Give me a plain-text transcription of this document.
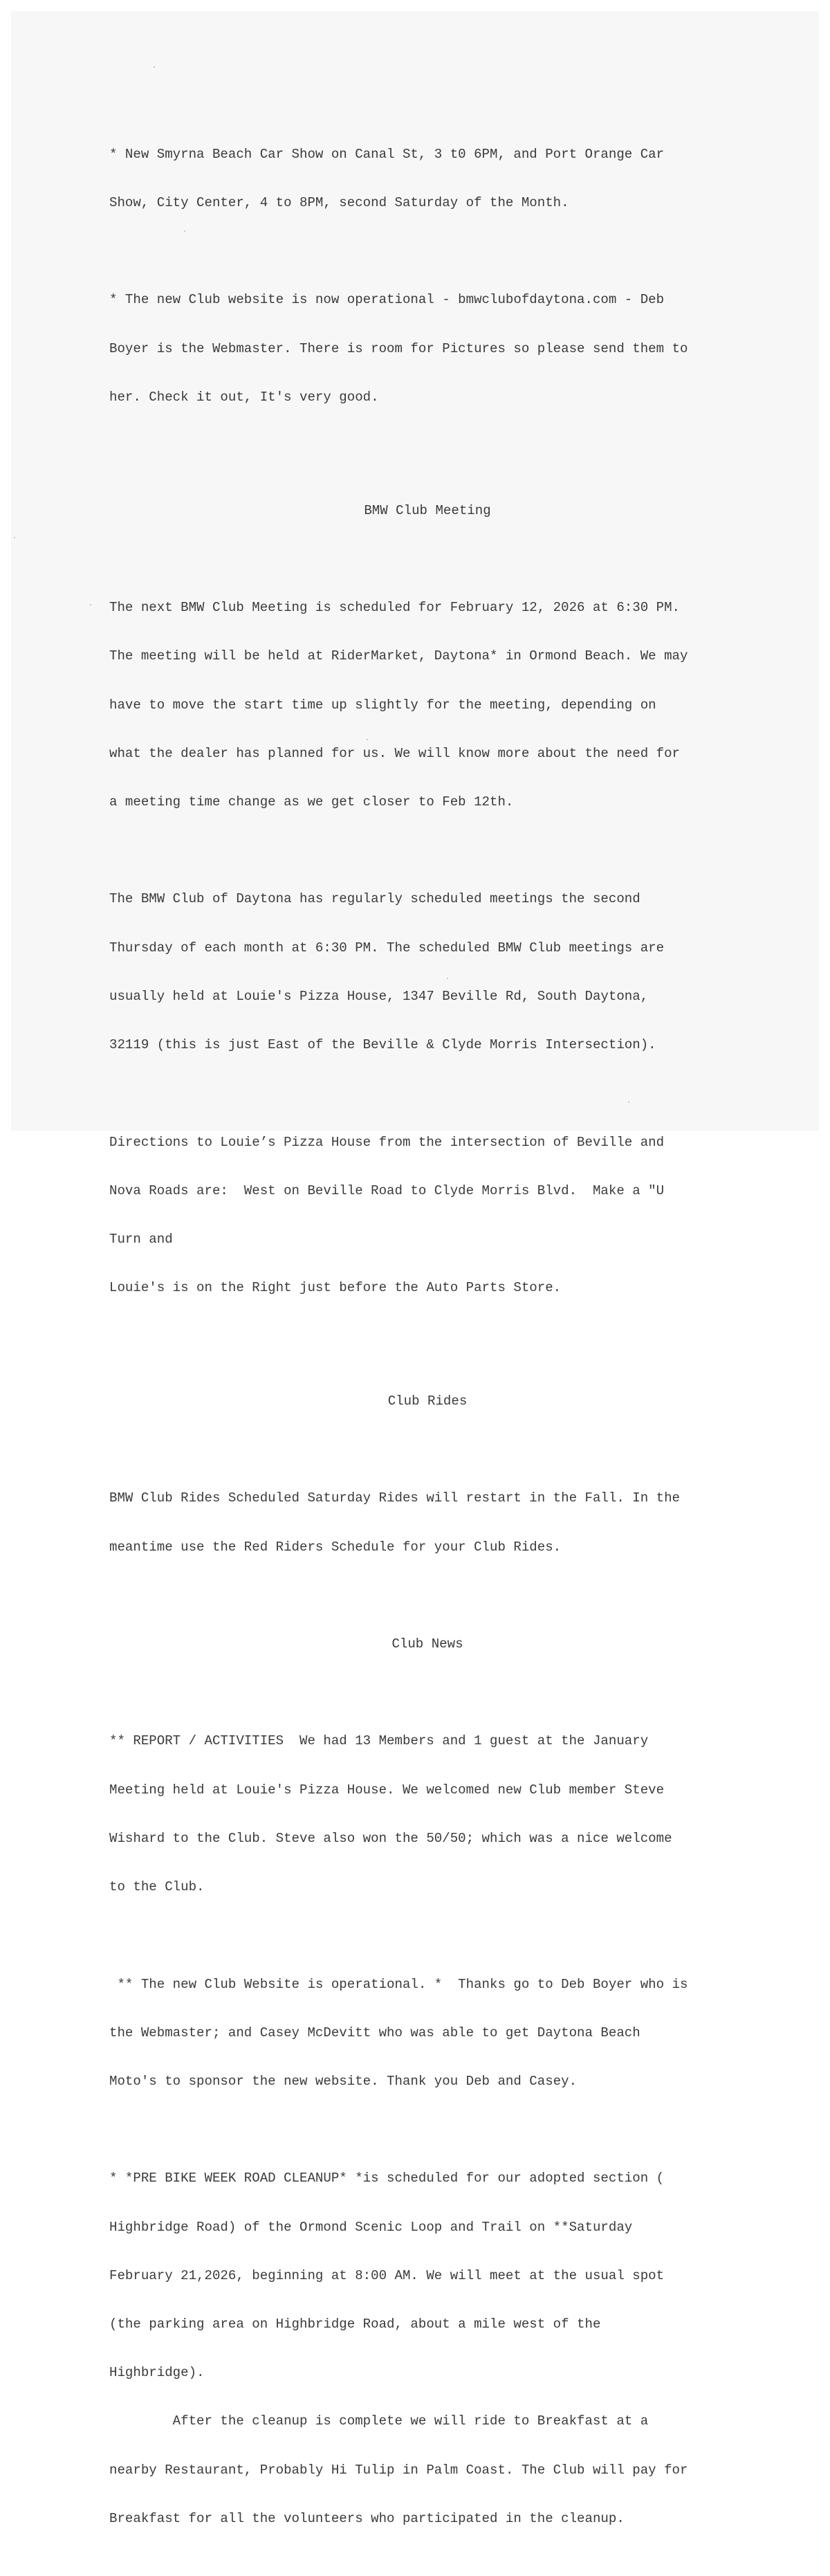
* New Smyrna Beach Car Show on Canal St, 3 t0 6PM, and Port Orange Car

Show, City Center, 4 to 8PM, second Saturday of the Month.

* The new Club website is now operational - bmwclubofdaytona.com - Deb

Boyer is the Webmaster. There is room for Pictures so please send them to

her. Check it out, It's very good.

BMW Club Meeting

The next BMW Club Meeting is scheduled for February 12, 2026 at 6:30 PM.

The meeting will be held at RiderMarket, Daytona* in Ormond Beach. We may

have to move the start time up slightly for the meeting, depending on

what the dealer has planned for us. We will know more about the need for

a meeting time change as we get closer to Feb 12th.

The BMW Club of Daytona has regularly scheduled meetings the second

Thursday of each month at 6:30 PM. The scheduled BMW Club meetings are

usually held at Louie's Pizza House, 1347 Beville Rd, South Daytona,

32119 (this is just East of the Beville & Clyde Morris Intersection).

Directions to Louie’s Pizza House from the intersection of Beville and

Nova Roads are:  West on Beville Road to Clyde Morris Blvd.  Make a "U

Turn and

Louie's is on the Right just before the Auto Parts Store.

Club Rides

BMW Club Rides Scheduled Saturday Rides will restart in the Fall. In the

meantime use the Red Riders Schedule for your Club Rides.

Club News

** REPORT / ACTIVITIES  We had 13 Members and 1 guest at the January

Meeting held at Louie's Pizza House. We welcomed new Club member Steve

Wishard to the Club. Steve also won the 50/50; which was a nice welcome

to the Club.

** The new Club Website is operational. *  Thanks go to Deb Boyer who is

the Webmaster; and Casey McDevitt who was able to get Daytona Beach

Moto's to sponsor the new website. Thank you Deb and Casey.

* *PRE BIKE WEEK ROAD CLEANUP* *is scheduled for our adopted section (

Highbridge Road) of the Ormond Scenic Loop and Trail on **Saturday

February 21,2026, beginning at 8:00 AM. We will meet at the usual spot

(the parking area on Highbridge Road, about a mile west of the

Highbridge).

After the cleanup is complete we will ride to Breakfast at a

nearby Restaurant, Probably Hi Tulip in Palm Coast. The Club will pay for

Breakfast for all the volunteers who participated in the cleanup.
